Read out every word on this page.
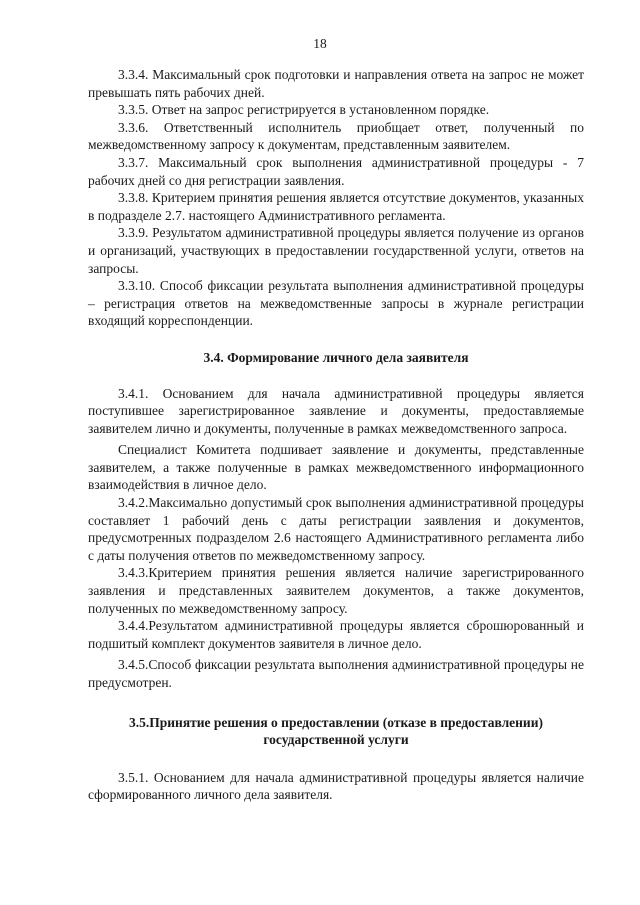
18

3.3.4. Максимальный срок подготовки и направления ответа на запрос не может превышать пять рабочих дней.

3.3.5. Ответ на запрос регистрируется в установленном порядке.

3.3.6. Ответственный исполнитель приобщает ответ, полученный по межведомственному запросу к документам, представленным заявителем.

3.3.7. Максимальный срок выполнения административной процедуры - 7 рабочих дней со дня регистрации заявления.

3.3.8. Критерием принятия решения является отсутствие документов, указанных в подразделе 2.7. настоящего Административного регламента.

3.3.9. Результатом административной процедуры является получение из органов и организаций, участвующих в предоставлении государственной услуги, ответов на запросы.

3.3.10. Способ фиксации результата выполнения административной процедуры – регистрация ответов на межведомственные запросы в журнале регистрации входящий корреспонденции.

3.4. Формирование личного дела заявителя

3.4.1. Основанием для начала административной процедуры является поступившее зарегистрированное заявление и документы, предоставляемые заявителем лично и документы, полученные в рамках межведомственного запроса.

Специалист Комитета подшивает заявление и документы, представленные заявителем, а также полученные в рамках межведомственного информационного взаимодействия в личное дело.

3.4.2.Максимально допустимый срок выполнения административной процедуры составляет 1 рабочий день с даты регистрации заявления и документов, предусмотренных подразделом 2.6 настоящего Административного регламента либо с даты получения ответов по межведомственному запросу.

3.4.3.Критерием принятия решения является наличие зарегистрированного заявления и представленных заявителем документов, а также документов, полученных по межведомственному запросу.

3.4.4.Результатом административной процедуры является сброшюрованный и подшитый комплект документов заявителя в личное дело.

3.4.5.Способ фиксации результата выполнения административной процедуры не предусмотрен.

3.5.Принятие решения о предоставлении (отказе в предоставлении)
государственной услуги

3.5.1. Основанием для начала административной процедуры является наличие сформированного личного дела заявителя.
